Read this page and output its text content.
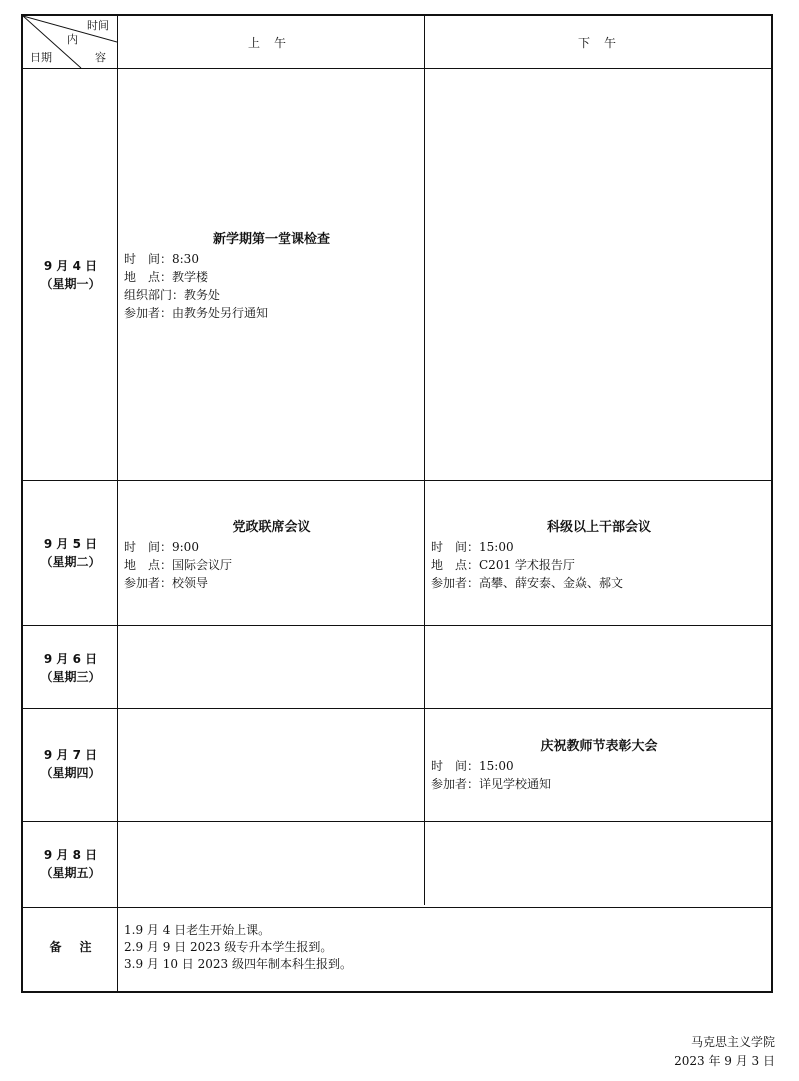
时间
内
日期	容
上　午	下　午
9 月 4 日
（星期一）
9 月 5 日
（星期二）
9 月 6 日
（星期三）
9 月 7 日
（星期四）
9 月 8 日
（星期五）
新学期第一堂课检查
时　间：8:30
地　点：教学楼
组织部门：教务处
参加者：由教务处另行通知
党政联席会议
时　间：9:00
地　点：国际会议厅
参加者：校领导
科级以上干部会议
时　间：15:00
地　点：C201 学术报告厅
参加者：高攀、薛安泰、金焱、郝文
庆祝教师节表彰大会
时　间：15:00
参加者：详见学校通知
备注
1.9 月 4 日老生开始上课。
2.9 月 9 日 2023 级专升本学生报到。
3.9 月 10 日 2023 级四年制本科生报到。
马克思主义学院
2023 年 9 月 3 日
